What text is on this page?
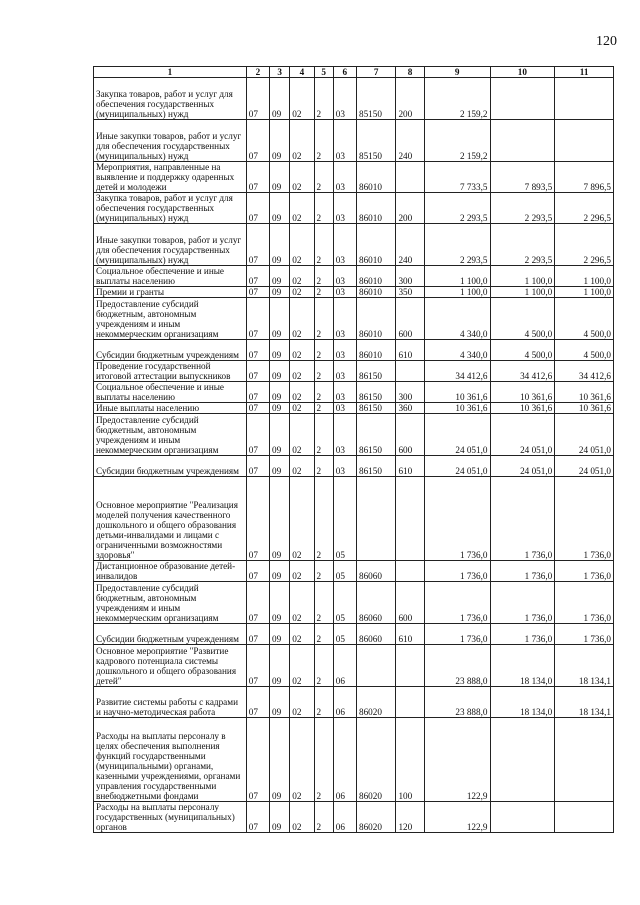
120
1	2	3	4	5	6	7	8	9	10	11
Закупка товаров, работ и услуг для обеспечения государственных (муниципальных) нужд	07	09	02	2	03	85150	200	2 159,2		
Иные закупки товаров, работ и услуг для обеспечения государственных (муниципальных) нужд	07	09	02	2	03	85150	240	2 159,2		
Мероприятия, направленные на выявление и поддержку одаренных детей и молодежи	07	09	02	2	03	86010		7 733,5	7 893,5	7 896,5
Закупка товаров, работ и услуг для обеспечения государственных (муниципальных) нужд	07	09	02	2	03	86010	200	2 293,5	2 293,5	2 296,5
Иные закупки товаров, работ и услуг для обеспечения государственных (муниципальных) нужд	07	09	02	2	03	86010	240	2 293,5	2 293,5	2 296,5
Социальное обеспечение и иные выплаты населению	07	09	02	2	03	86010	300	1 100,0	1 100,0	1 100,0
Премии и гранты	07	09	02	2	03	86010	350	1 100,0	1 100,0	1 100,0
Предоставление субсидий бюджетным, автономным учреждениям и иным некоммерческим организациям	07	09	02	2	03	86010	600	4 340,0	4 500,0	4 500,0
Субсидии бюджетным учреждениям	07	09	02	2	03	86010	610	4 340,0	4 500,0	4 500,0
Проведение государственной итоговой аттестации выпускников	07	09	02	2	03	86150		34 412,6	34 412,6	34 412,6
Социальное обеспечение и иные выплаты населению	07	09	02	2	03	86150	300	10 361,6	10 361,6	10 361,6
Иные выплаты населению	07	09	02	2	03	86150	360	10 361,6	10 361,6	10 361,6
Предоставление субсидий бюджетным, автономным учреждениям и иным некоммерческим организациям	07	09	02	2	03	86150	600	24 051,0	24 051,0	24 051,0
Субсидии бюджетным учреждениям	07	09	02	2	03	86150	610	24 051,0	24 051,0	24 051,0
Основное мероприятие "Реализация моделей получения качественного дошкольного и общего образования детьми-инвалидами и лицами с ограниченными возможностями здоровья"	07	09	02	2	05			1 736,0	1 736,0	1 736,0
Дистанционное образование детей-инвалидов	07	09	02	2	05	86060		1 736,0	1 736,0	1 736,0
Предоставление субсидий бюджетным, автономным учреждениям и иным некоммерческим организациям	07	09	02	2	05	86060	600	1 736,0	1 736,0	1 736,0
Субсидии бюджетным учреждениям	07	09	02	2	05	86060	610	1 736,0	1 736,0	1 736,0
Основное мероприятие "Развитие кадрового потенциала системы дошкольного и общего образования детей"	07	09	02	2	06			23 888,0	18 134,0	18 134,1
Развитие системы работы с кадрами и научно-методическая работа	07	09	02	2	06	86020		23 888,0	18 134,0	18 134,1
Расходы на выплаты персоналу в целях обеспечения выполнения функций государственными (муниципальными) органами, казенными учреждениями, органами управления государственными внебюджетными фондами	07	09	02	2	06	86020	100	122,9		
Расходы на выплаты персоналу государственных (муниципальных) органов	07	09	02	2	06	86020	120	122,9		
